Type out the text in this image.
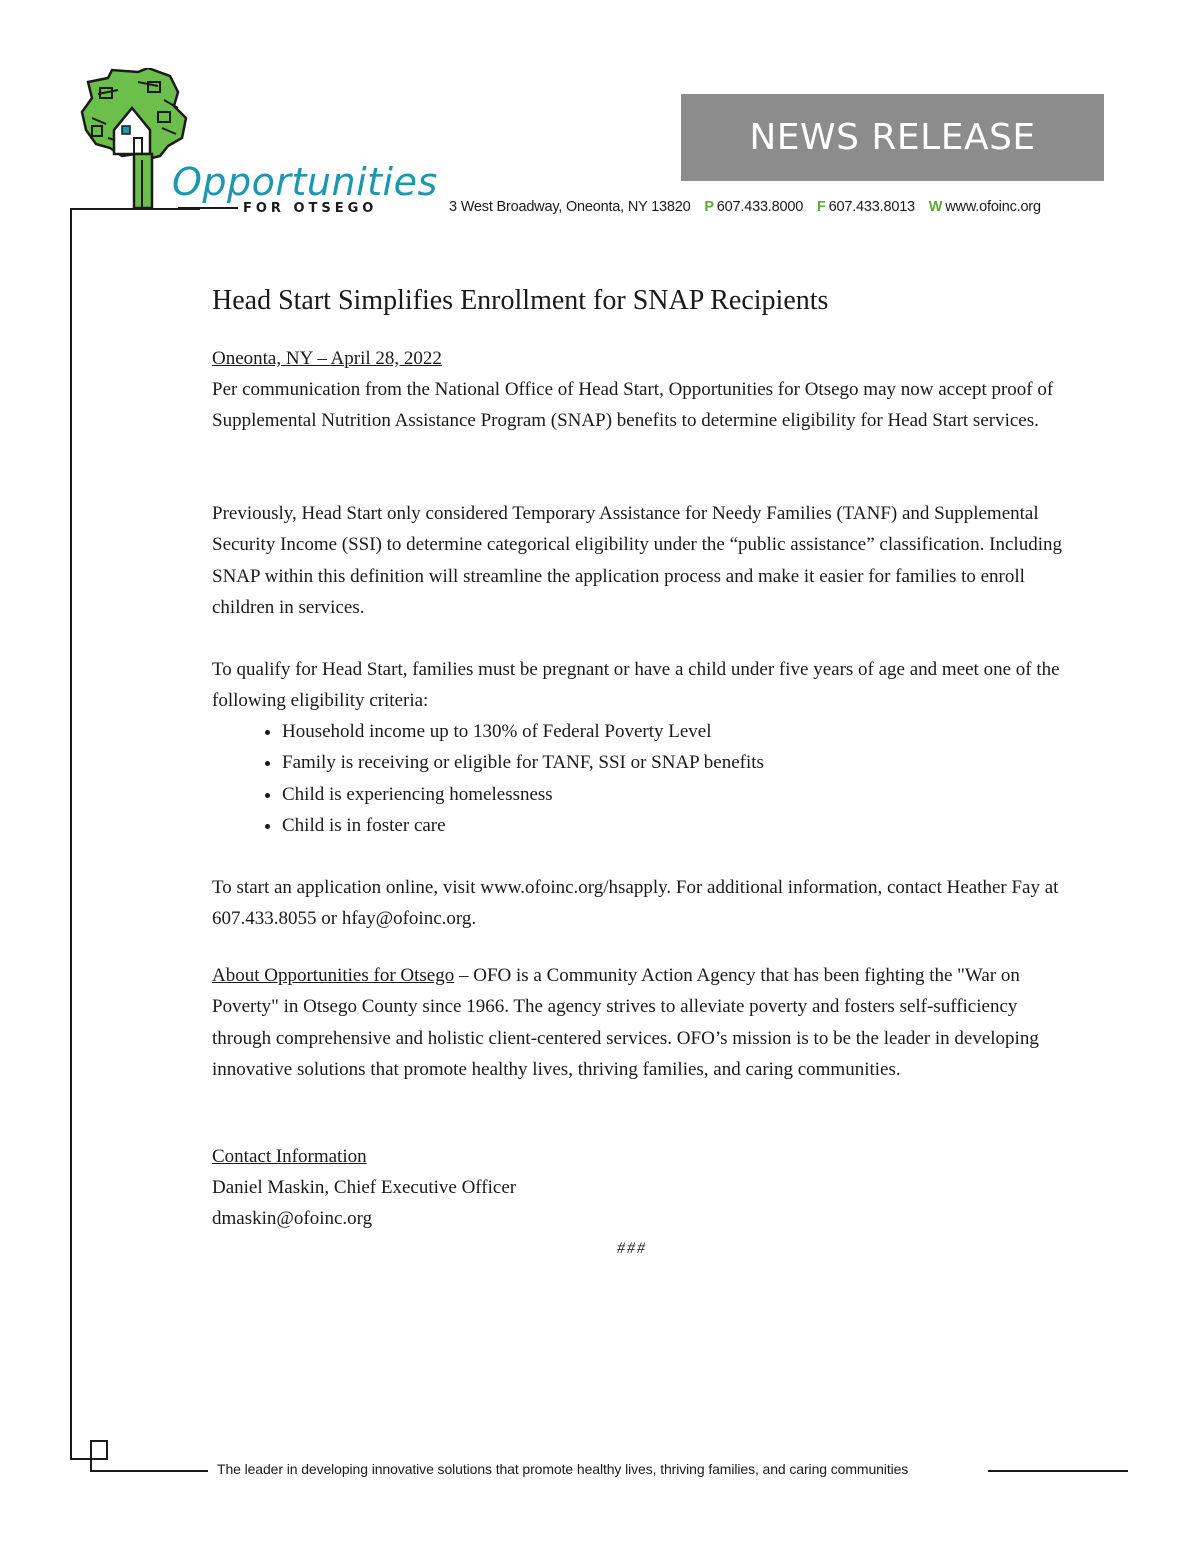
Opportunities
FOR OTSEGO
NEWS RELEASE
3 West Broadway, Oneonta, NY 13820 P 607.433.8000 F 607.433.8013 W www.ofoinc.org
Head Start Simplifies Enrollment for SNAP Recipients

Oneonta, NY – April 28, 2022

Per communication from the National Office of Head Start, Opportunities for Otsego may now accept proof of Supplemental Nutrition Assistance Program (SNAP) benefits to determine eligibility for Head Start services.

Previously, Head Start only considered Temporary Assistance for Needy Families (TANF) and Supplemental Security Income (SSI) to determine categorical eligibility under the “public assistance” classification. Including SNAP within this definition will streamline the application process and make it easier for families to enroll children in services.

To qualify for Head Start, families must be pregnant or have a child under five years of age and meet one of the following eligibility criteria:

• Household income up to 130% of Federal Poverty Level
• Family is receiving or eligible for TANF, SSI or SNAP benefits
• Child is experiencing homelessness
• Child is in foster care

To start an application online, visit www.ofoinc.org/hsapply. For additional information, contact Heather Fay at 607.433.8055 or hfay@ofoinc.org.

About Opportunities for Otsego – OFO is a Community Action Agency that has been fighting the "War on Poverty" in Otsego County since 1966. The agency strives to alleviate poverty and fosters self-sufficiency through comprehensive and holistic client-centered services. OFO’s mission is to be the leader in developing innovative solutions that promote healthy lives, thriving families, and caring communities.

Contact Information

Daniel Maskin, Chief Executive Officer

dmaskin@ofoinc.org

###
The leader in developing innovative solutions that promote healthy lives, thriving families, and caring communities
